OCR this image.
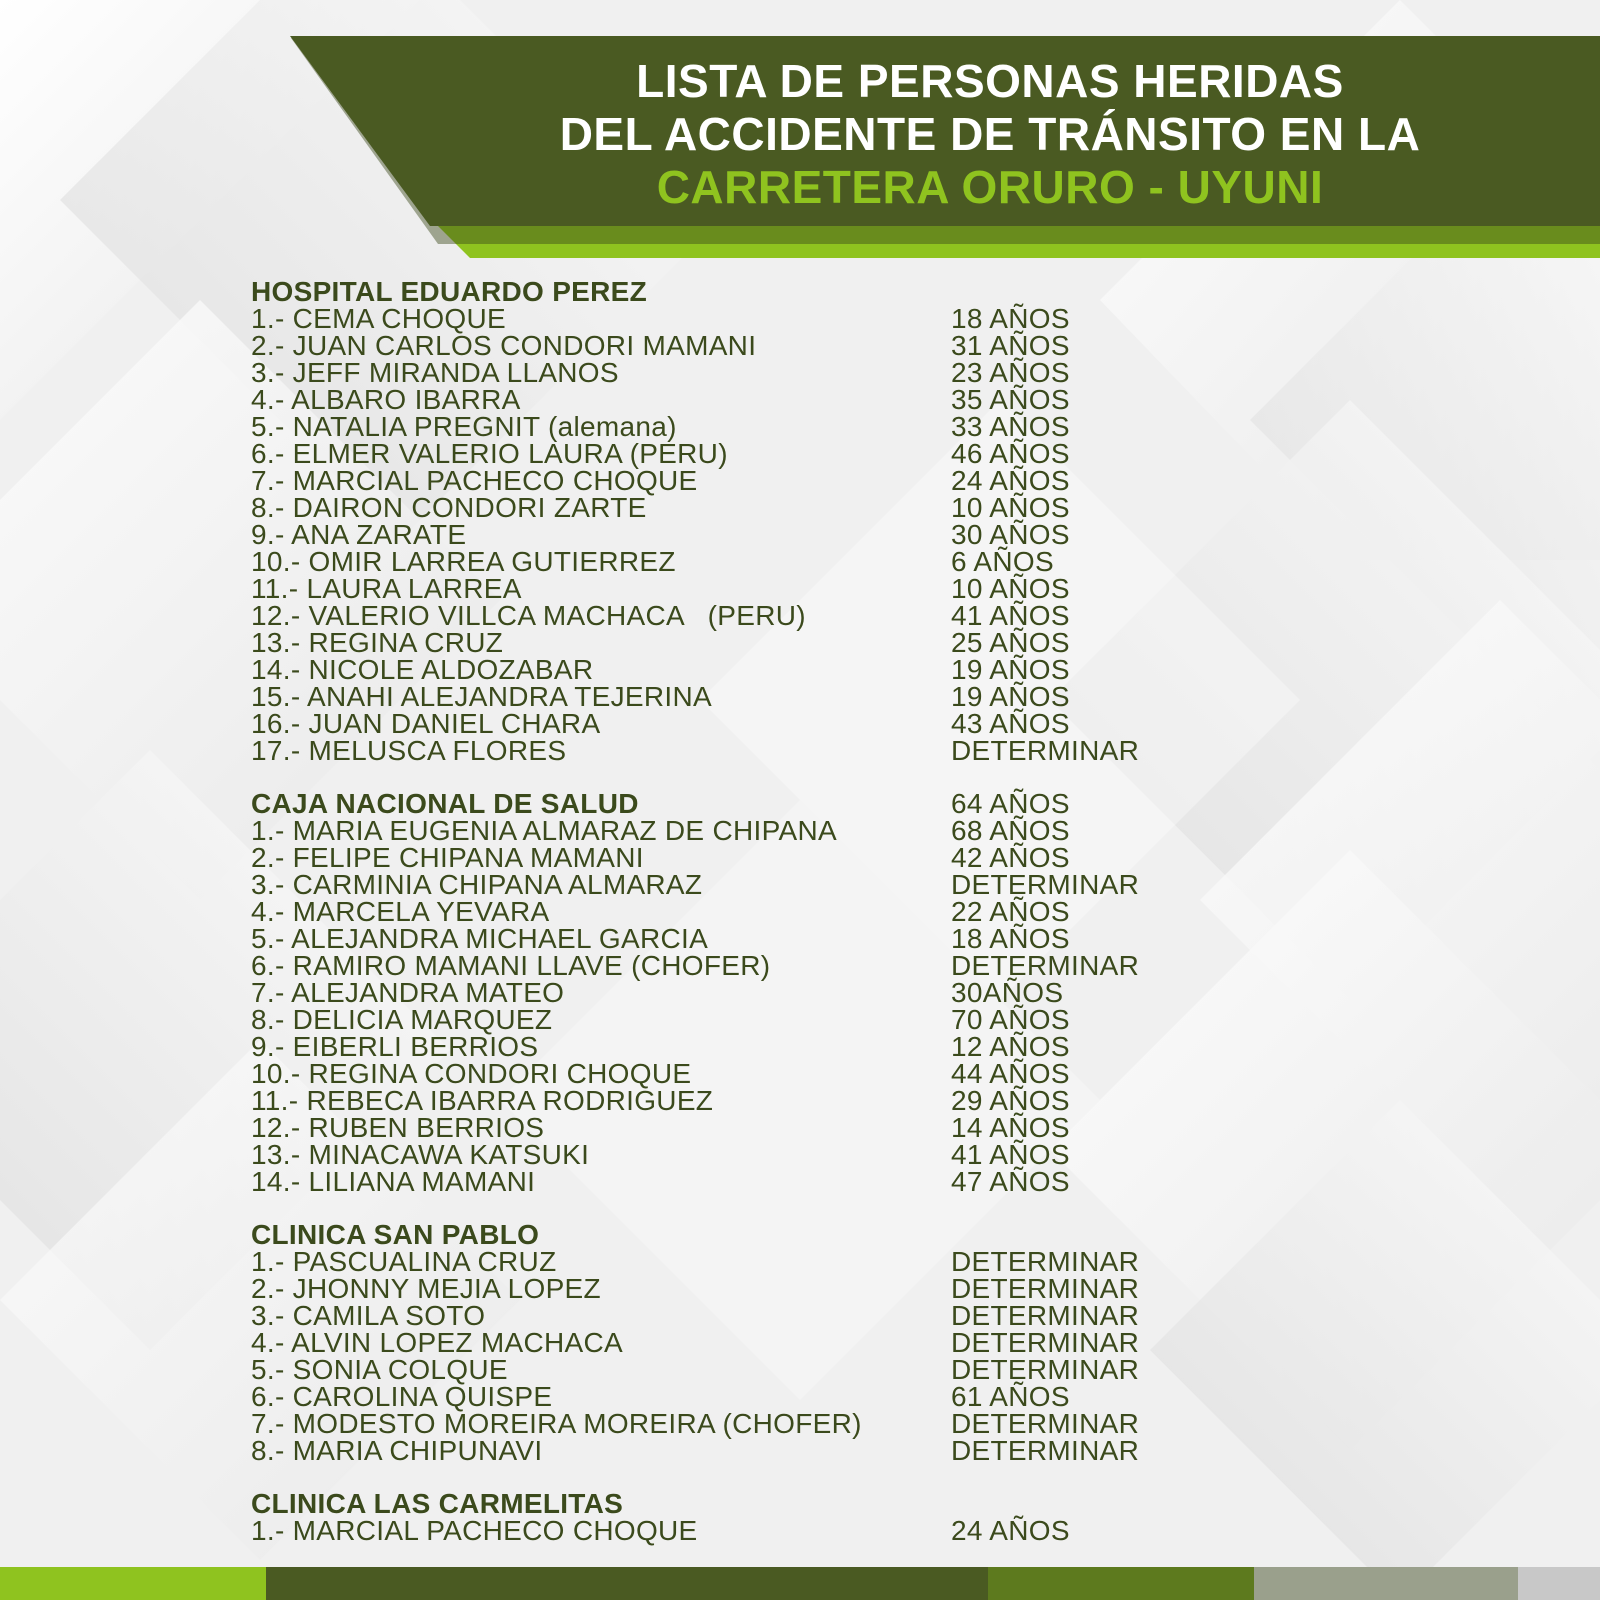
LISTA DE PERSONAS HERIDAS
DEL ACCIDENTE DE TRÁNSITO EN LA
CARRETERA ORURO - UYUNI
HOSPITAL EDUARDO PEREZ
1.- CEMA CHOQUE	18 AÑOS
2.- JUAN CARLOS CONDORI MAMANI	31 AÑOS
3.- JEFF MIRANDA LLANOS	23 AÑOS
4.- ALBARO IBARRA	35 AÑOS
5.- NATALIA PREGNIT (alemana)	33 AÑOS
6.- ELMER VALERIO LAURA (PERU)	46 AÑOS
7.- MARCIAL PACHECO CHOQUE	24 AÑOS
8.- DAIRON CONDORI ZARTE	10 AÑOS
9.- ANA ZARATE	30 AÑOS
10.- OMIR LARREA GUTIERREZ	6 AÑOS
11.- LAURA LARREA	10 AÑOS
12.- VALERIO VILLCA MACHACA   (PERU)	41 AÑOS
13.- REGINA CRUZ	25 AÑOS
14.- NICOLE ALDOZABAR	19 AÑOS
15.- ANAHI ALEJANDRA TEJERINA	19 AÑOS
16.- JUAN DANIEL CHARA	43 AÑOS
17.- MELUSCA FLORES	DETERMINAR
CAJA NACIONAL DE SALUD	64 AÑOS
1.- MARIA EUGENIA ALMARAZ DE CHIPANA	68 AÑOS
2.- FELIPE CHIPANA MAMANI	42 AÑOS
3.- CARMINIA CHIPANA ALMARAZ	DETERMINAR
4.- MARCELA YEVARA	22 AÑOS
5.- ALEJANDRA MICHAEL GARCIA	18 AÑOS
6.- RAMIRO MAMANI LLAVE (CHOFER)	DETERMINAR
7.- ALEJANDRA MATEO	30AÑOS
8.- DELICIA MARQUEZ	70 AÑOS
9.- EIBERLI BERRIOS	12 AÑOS
10.- REGINA CONDORI CHOQUE	44 AÑOS
11.- REBECA IBARRA RODRIGUEZ	29 AÑOS
12.- RUBEN BERRIOS	14 AÑOS
13.- MINACAWA KATSUKI	41 AÑOS
14.- LILIANA MAMANI	47 AÑOS
CLINICA SAN PABLO
1.- PASCUALINA CRUZ	DETERMINAR
2.- JHONNY MEJIA LOPEZ	DETERMINAR
3.- CAMILA SOTO	DETERMINAR
4.- ALVIN LOPEZ MACHACA	DETERMINAR
5.- SONIA COLQUE	DETERMINAR
6.- CAROLINA QUISPE	61 AÑOS
7.- MODESTO MOREIRA MOREIRA (CHOFER)	DETERMINAR
8.- MARIA CHIPUNAVI	DETERMINAR
CLINICA LAS CARMELITAS
1.- MARCIAL PACHECO CHOQUE	24 AÑOS
